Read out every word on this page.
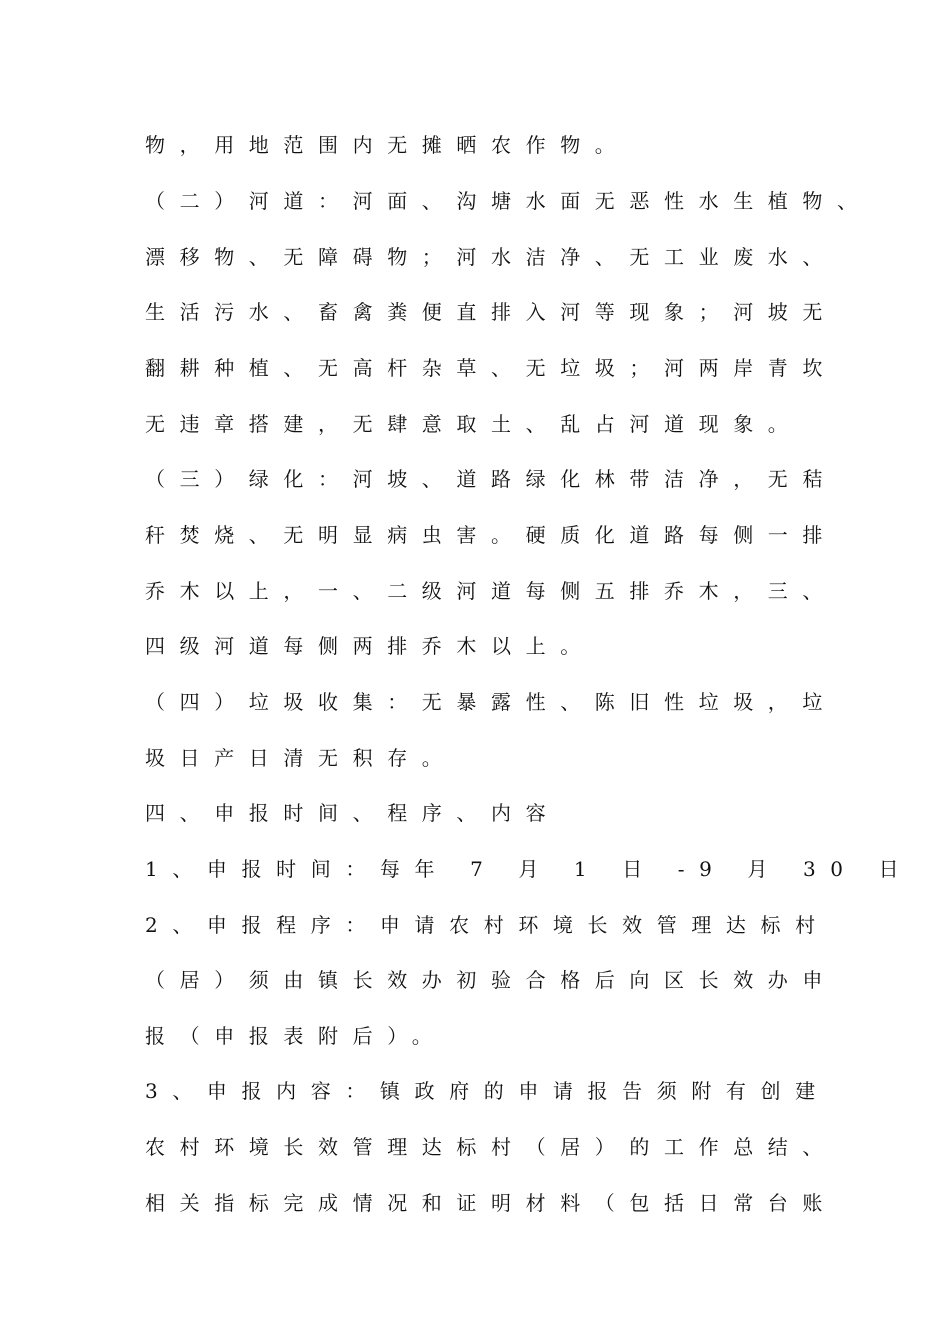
物，用地范围内无摊晒农作物。
（二）河道：河面、沟塘水面无恶性水生植物、
漂移物、无障碍物；河水洁净、无工业废水、
生活污水、畜禽粪便直排入河等现象；河坡无
翻耕种植、无高杆杂草、无垃圾；河两岸青坎
无违章搭建，无肆意取土、乱占河道现象。
（三）绿化：河坡、道路绿化林带洁净，无秸
秆焚烧、无明显病虫害。硬质化道路每侧一排
乔木以上，一、二级河道每侧五排乔木，三、
四级河道每侧两排乔木以上。
（四）垃圾收集：无暴露性、陈旧性垃圾，垃
圾日产日清无积存。
四、申报时间、程序、内容
1、申报时间：每年 7 月 1 日 -9 月 30 日
2、申报程序：申请农村环境长效管理达标村
（居）须由镇长效办初验合格后向区长效办申
报（申报表附后）。
3、申报内容：镇政府的申请报告须附有创建
农村环境长效管理达标村（居）的工作总结、
相关指标完成情况和证明材料（包括日常台账
